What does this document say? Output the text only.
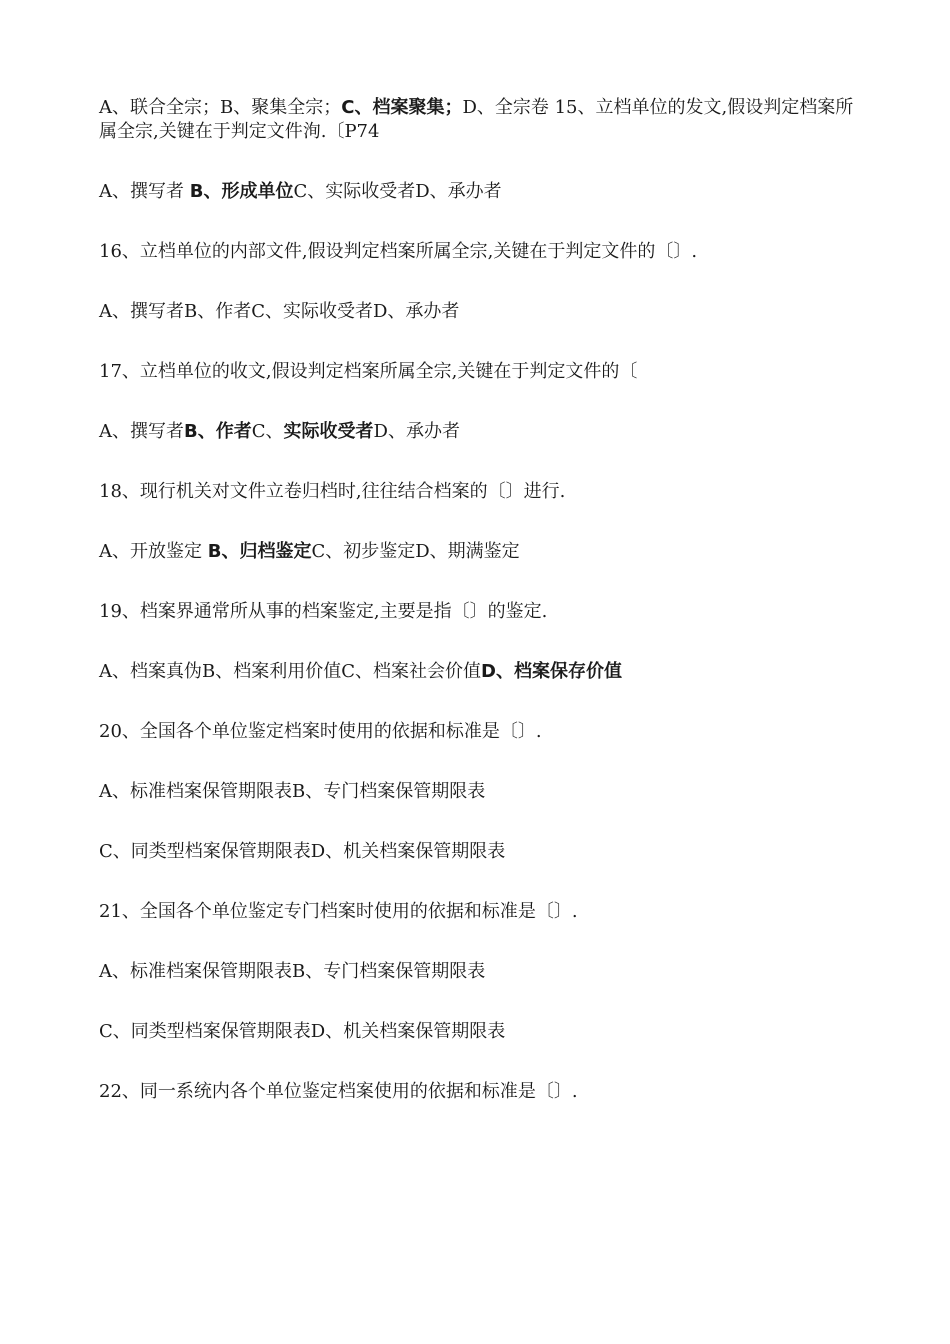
A、联合全宗；B、聚集全宗；C、档案聚集；D、全宗卷 15、立档单位的发文,假设判定档案所属全宗,关键在于判定文件洵.〔P74

A、撰写者 B、形成单位C、实际收受者D、承办者

16、立档单位的内部文件,假设判定档案所属全宗,关键在于判定文件的〔〕.

A、撰写者B、作者C、实际收受者D、承办者

17、立档单位的收文,假设判定档案所属全宗,关键在于判定文件的〔

A、撰写者B、作者C、实际收受者D、承办者

18、现行机关对文件立卷归档时,往往结合档案的〔〕进行.

A、开放鉴定 B、归档鉴定C、初步鉴定D、期满鉴定

19、档案界通常所从事的档案鉴定,主要是指〔〕的鉴定.

A、档案真伪B、档案利用价值C、档案社会价值D、档案保存价值

20、全国各个单位鉴定档案时使用的依据和标准是〔〕.

A、标准档案保管期限表B、专门档案保管期限表

C、同类型档案保管期限表D、机关档案保管期限表

21、全国各个单位鉴定专门档案时使用的依据和标准是〔〕.

A、标准档案保管期限表B、专门档案保管期限表

C、同类型档案保管期限表D、机关档案保管期限表

22、同一系统内各个单位鉴定档案使用的依据和标准是〔〕.
